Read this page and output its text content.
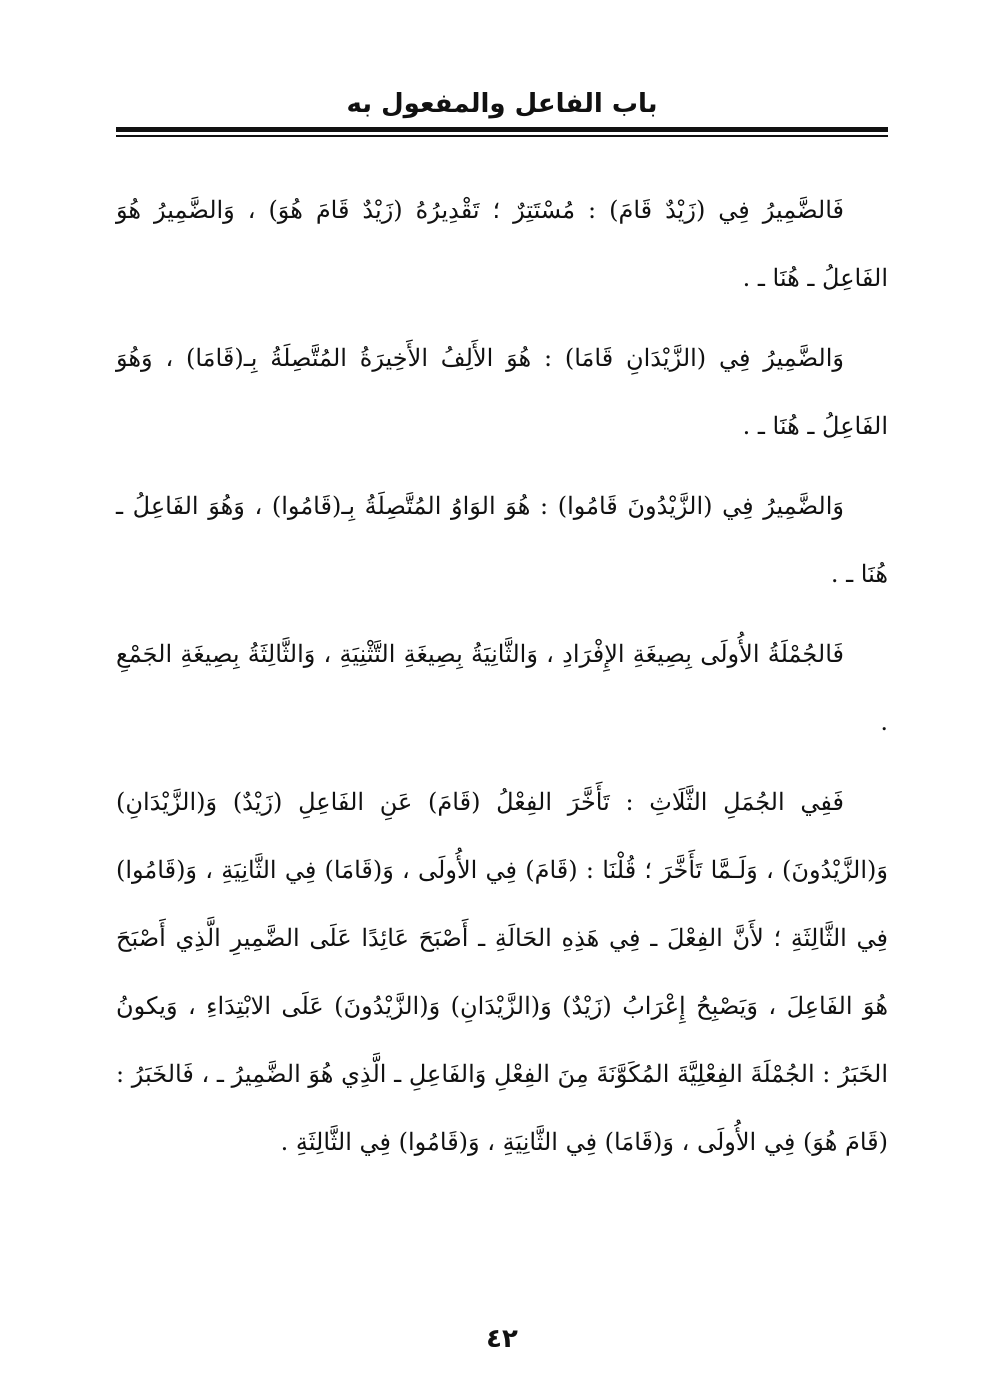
باب الفاعل والمفعول به

فَالضَّمِيرُ فِي (زَيْدٌ قَامَ) : مُسْتَتِرٌ ؛ تَقْدِيرُهُ (زَيْدٌ قَامَ هُوَ) ، وَالضَّمِيرُ هُوَ الفَاعِلُ ـ هُنَا ـ .

وَالضَّمِيرُ فِي (الزَّيْدَانِ قَامَا) : هُوَ الأَلِفُ الأَخِيرَةُ المُتَّصِلَةُ بِـ(قَامَا) ، وَهُوَ الفَاعِلُ ـ هُنَا ـ .

وَالضَّمِيرُ فِي (الزَّيْدُونَ قَامُوا) : هُوَ الوَاوُ المُتَّصِلَةُ بِـ(قَامُوا) ، وَهُوَ الفَاعِلُ ـ هُنَا ـ .

فَالجُمْلَةُ الأُولَى بِصِيغَةِ الإِفْرَادِ ، وَالثَّانِيَةُ بِصِيغَةِ التَّثْنِيَةِ ، وَالثَّالِثَةُ بِصِيغَةِ الجَمْعِ .

فَفِي الجُمَلِ الثَّلَاثِ : تَأَخَّرَ الفِعْلُ (قَامَ) عَنِ الفَاعِلِ (زَيْدٌ) وَ(الزَّيْدَانِ) وَ(الزَّيْدُونَ) ، وَلَـمَّا تَأَخَّرَ ؛ قُلْنَا : (قَامَ) فِي الأُولَى ، وَ(قَامَا) فِي الثَّانِيَةِ ، وَ(قَامُوا) فِي الثَّالِثَةِ ؛ لأَنَّ الفِعْلَ ـ فِي هَذِهِ الحَالَةِ ـ أَصْبَحَ عَائِدًا عَلَى الضَّمِيرِ الَّذِي أَصْبَحَ هُوَ الفَاعِلَ ، وَيَصْبِحُ إِعْرَابُ (زَيْدٌ) وَ(الزَّيْدَانِ) وَ(الزَّيْدُونَ) عَلَى الابْتِدَاءِ ، وَيكونُ الخَبَرُ : الجُمْلَةَ الفِعْلِيَّةَ المُكَوَّنَةَ مِنَ الفِعْلِ وَالفَاعِلِ ـ الَّذِي هُوَ الضَّمِيرُ ـ ، فَالخَبَرُ : (قَامَ هُوَ) فِي الأُولَى ، وَ(قَامَا) فِي الثَّانِيَةِ ، وَ(قَامُوا) فِي الثَّالِثَةِ .

٤٢
